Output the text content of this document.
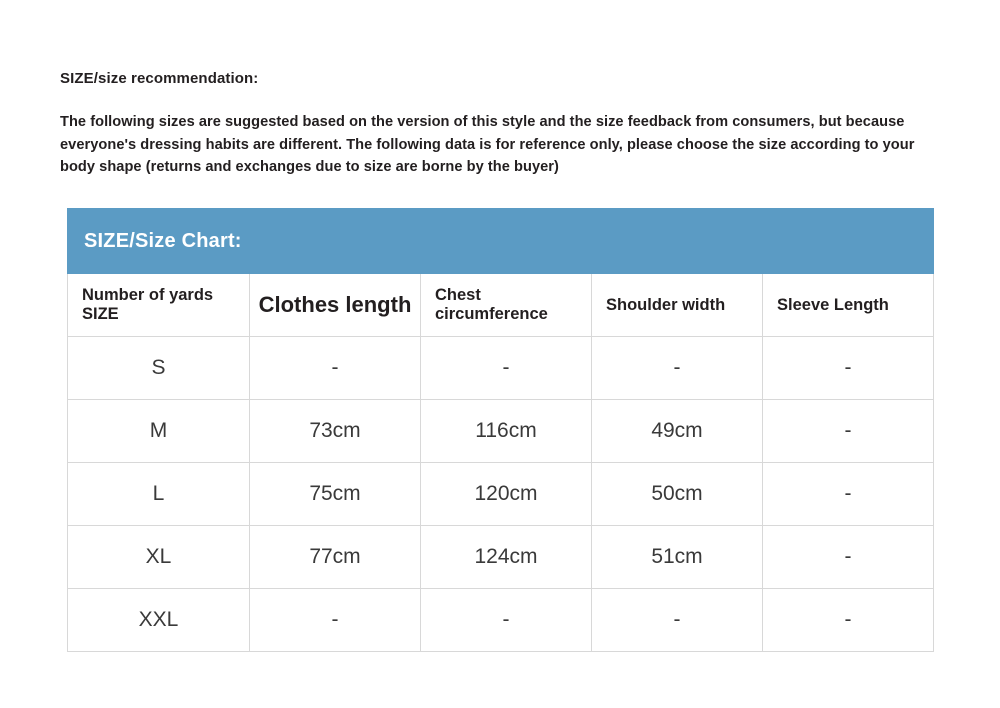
SIZE/size recommendation:

The following sizes are suggested based on the version of this style and the size feedback from consumers, but because everyone's dressing habits are different. The following data is for reference only, please choose the size according to your body shape (returns and exchanges due to size are borne by the buyer)

SIZE/Size Chart:				
Number of yards SIZE	Clothes length	Chest circumference	Shoulder width	Sleeve Length
S	-	-	-	-
M	73cm	116cm	49cm	-
L	75cm	120cm	50cm	-
XL	77cm	124cm	51cm	-
XXL	-	-	-	-
